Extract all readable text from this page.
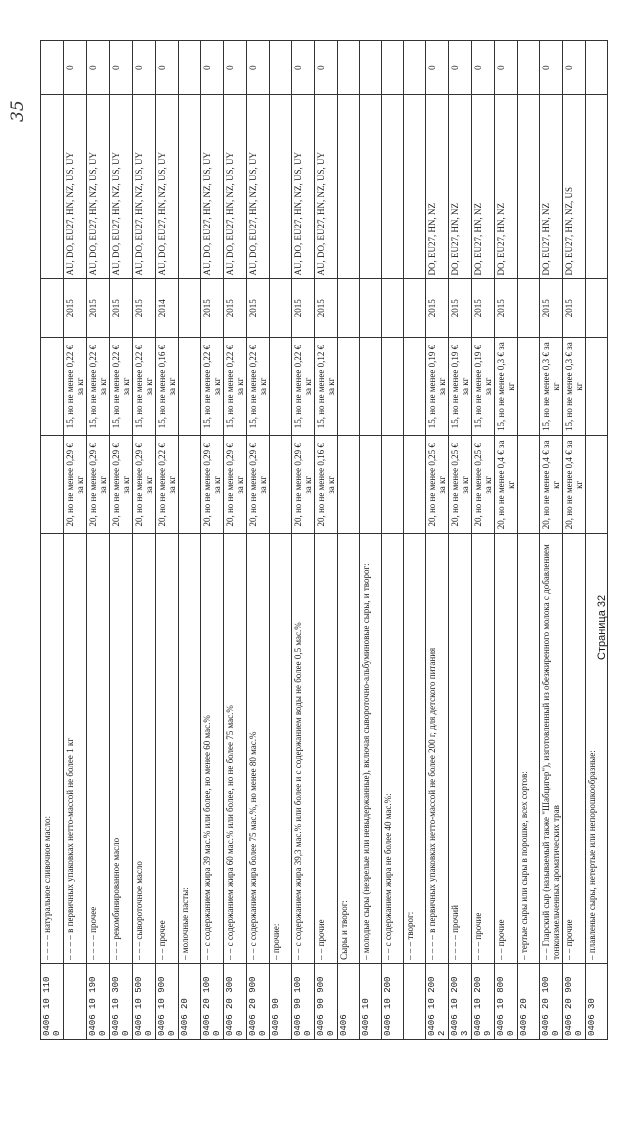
35
0406 10 110 0	– – – – натуральное сливочное масло:					
	– – – – в первичных упаковках нетто-массой не более 1 кг	20, но не менее 0,29 € за кг	15, но не менее 0,22 € за кг	2015	AU, DO, EU27, HN, NZ, US, UY	0
0406 10 190 0	– – – – прочее	20, но не менее 0,29 € за кг	15, но не менее 0,22 € за кг	2015	AU, DO, EU27, HN, NZ, US, UY	0
0406 10 300 0	– – – рекомбинированное масло	20, но не менее 0,29 € за кг	15, но не менее 0,22 € за кг	2015	AU, DO, EU27, HN, NZ, US, UY	0
0406 10 500 0	– – – сывороточное масло	20, но не менее 0,29 € за кг	15, но не менее 0,22 € за кг	2015	AU, DO, EU27, HN, NZ, US, UY	0
0406 10 900 0	– – прочее	20, но не менее 0,22 € за кг	15, но не менее 0,16 € за кг	2014	AU, DO, EU27, HN, NZ, US, UY	0
0406 20	– молочные пасты:					
0406 20 100 0	– – с содержанием жира 39 мас.% или более, но менее 60 мас.%	20, но не менее 0,29 € за кг	15, но не менее 0,22 € за кг	2015	AU, DO, EU27, HN, NZ, US, UY	0
0406 20 300 0	– – с содержанием жира 60 мас.% или более, но не более 75 мас.%	20, но не менее 0,29 € за кг	15, но не менее 0,22 € за кг	2015	AU, DO, EU27, HN, NZ, US, UY	0
0406 20 900 0	– – с содержанием жира более 75 мас.%, но менее 80 мас.%	20, но не менее 0,29 € за кг	15, но не менее 0,22 € за кг	2015	AU, DO, EU27, HN, NZ, US, UY	0
0406 90	– прочие:					
0406 90 100 0	– – с содержанием жира 39,3 мас.% или более и с содержанием воды не более 0,5 мас.%	20, но не менее 0,29 € за кг	15, но не менее 0,22 € за кг	2015	AU, DO, EU27, HN, NZ, US, UY	0
0406 90 900 0	– – прочие	20, но не менее 0,16 € за кг	15, но не менее 0,12 € за кг	2015	AU, DO, EU27, HN, NZ, US, UY	0
0406	Сыры и творог:					
0406 10	– молодые сыры (незрелые или невыдержанные), включая сывороточно-альбуминовые сыры, и творог:					
0406 10 200	– – с содержанием жира не более 40 мас.%:					
	– – – творог:					
0406 10 200 2	– – – – в первичных упаковках нетто-массой не более 200 г, для детского питания	20, но не менее 0,25 € за кг	15, но не менее 0,19 € за кг	2015	DO, EU27, HN, NZ	0
0406 10 200 3	– – – – прочий	20, но не менее 0,25 € за кг	15, но не менее 0,19 € за кг	2015	DO, EU27, HN, NZ	0
0406 10 200 9	– – – прочие	20, но не менее 0,25 € за кг	15, но не менее 0,19 € за кг	2015	DO, EU27, HN, NZ	0
0406 10 800 0	– – прочие	20, но не менее 0,4 € за кг	15, но не менее 0,3 € за кг	2015	DO, EU27, HN, NZ	0
0406 20	– тертые сыры или сыры в порошке, всех сортов:					
0406 20 100 0	– – Гларский сыр (называемый также "Шабцигер"), изготовленный из обезжиренного молока с добавлением тонкоизмельченных ароматических трав	20, но не менее 0,4 € за кг	15, но не менее 0,3 € за кг	2015	DO, EU27, HN, NZ	0
0406 20 900 0	– – прочие	20, но не менее 0,4 € за кг	15, но не менее 0,3 € за кг	2015	DO, EU27, HN, NZ, US	0
0406 30	– плавленые сыры, нетертые или непорошкообразные:					
Страница 32
